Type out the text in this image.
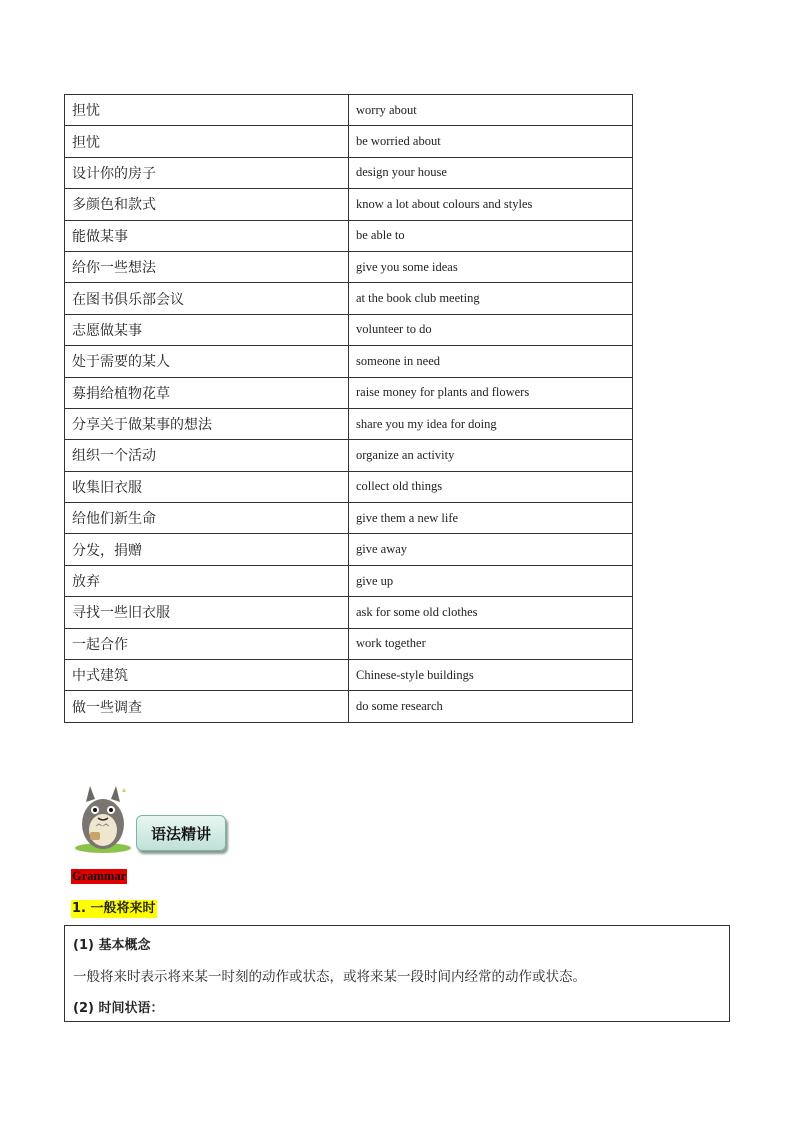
担忧	worry about
担忧	be worried about
设计你的房子	design your house
多颜色和款式	know a lot about colours and styles
能做某事	be able to
给你一些想法	give you some ideas
在图书俱乐部会议	at the book club meeting
志愿做某事	volunteer to do
处于需要的某人	someone in need
募捐给植物花草	raise money for plants and flowers
分享关于做某事的想法	share you my idea for doing
组织一个活动	organize an activity
收集旧衣服	collect old things
给他们新生命	give them a new life
分发，捐赠	give away
放弃	give up
寻找一些旧衣服	ask for some old clothes
一起合作	work together
中式建筑	Chinese-style buildings
做一些调查	do some research
语法精讲
Grammar
1. 一般将来时
(1) 基本概念
一般将来时表示将来某一时刻的动作或状态，或将来某一段时间内经常的动作或状态。
(2) 时间状语：
